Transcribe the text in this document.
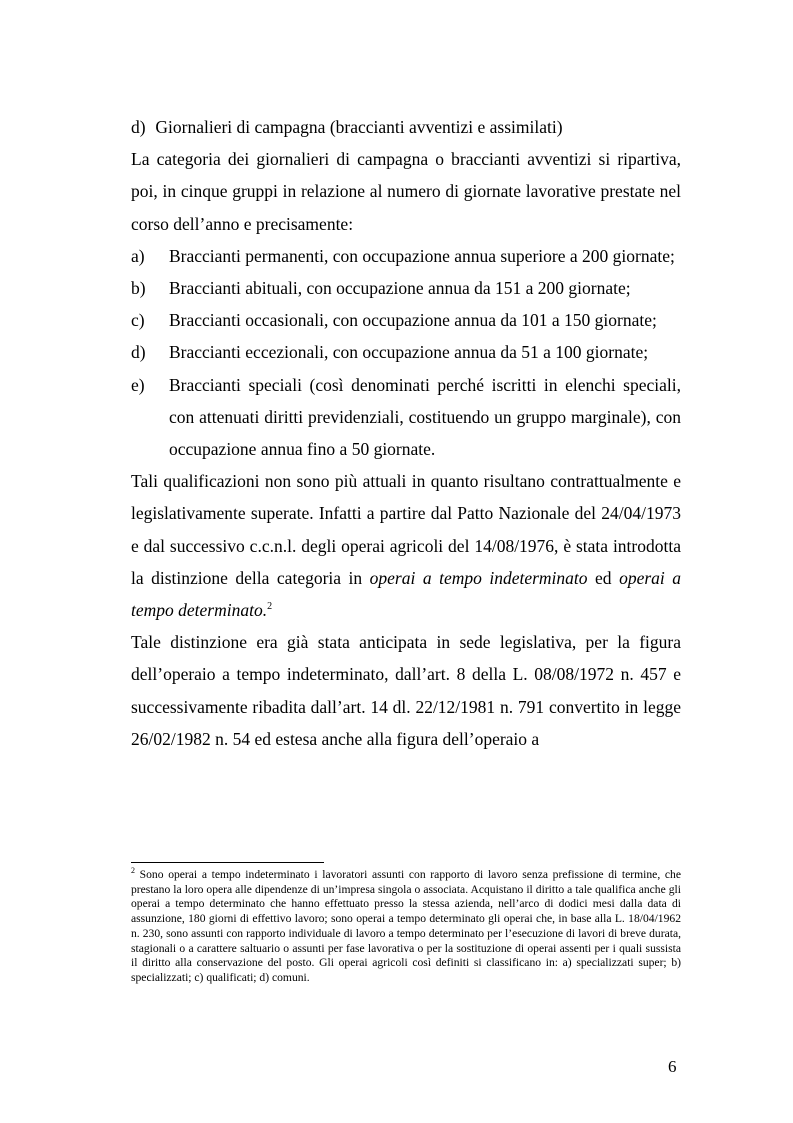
d) Giornalieri di campagna (braccianti avventizi e assimilati)

La categoria dei giornalieri di campagna o braccianti avventizi si ripartiva, poi, in cinque gruppi in relazione al numero di giornate lavorative prestate nel corso dell’anno e precisamente:

a)	Braccianti permanenti, con occupazione annua superiore a 200 giornate;
b)	Braccianti abituali, con occupazione annua da 151 a 200 giornate;
c)	Braccianti occasionali, con occupazione annua da 101 a 150 giornate;
d)	Braccianti eccezionali, con occupazione annua da 51 a 100 giornate;
e)	Braccianti speciali (così denominati perché iscritti in elenchi speciali, con attenuati diritti previdenziali, costituendo un gruppo marginale), con occupazione annua fino a 50 giornate.

Tali qualificazioni non sono più attuali in quanto risultano contrattualmente e legislativamente superate. Infatti a partire dal Patto Nazionale del 24/04/1973 e dal successivo c.c.n.l. degli operai agricoli del 14/08/1976, è stata introdotta la distinzione della categoria in operai a tempo indeterminato ed operai a tempo determinato.$^2$

Tale distinzione era già stata anticipata in sede legislativa, per la figura dell’operaio a tempo indeterminato, dall’art. 8 della L. 08/08/1972 n. 457 e successivamente ribadita dall’art. 14 dl. 22/12/1981 n. 791 convertito in legge 26/02/1982 n. 54 ed estesa anche alla figura dell’operaio a

$^2$ Sono operai a tempo indeterminato i lavoratori assunti con rapporto di lavoro senza prefissione di termine, che prestano la loro opera alle dipendenze di un’impresa singola o associata. Acquistano il diritto a tale qualifica anche gli operai a tempo determinato che hanno effettuato presso la stessa azienda, nell’arco di dodici mesi dalla data di assunzione, 180 giorni di effettivo lavoro; sono operai a tempo determinato gli operai che, in base alla L. 18/04/1962 n. 230, sono assunti con rapporto individuale di lavoro a tempo determinato per l’esecuzione di lavori di breve durata, stagionali o a carattere saltuario o assunti per fase lavorativa o per la sostituzione di operai assenti per i quali sussista il diritto alla conservazione del posto. Gli operai agricoli così definiti si classificano in: a) specializzati super; b) specializzati; c) qualificati; d) comuni.
6
